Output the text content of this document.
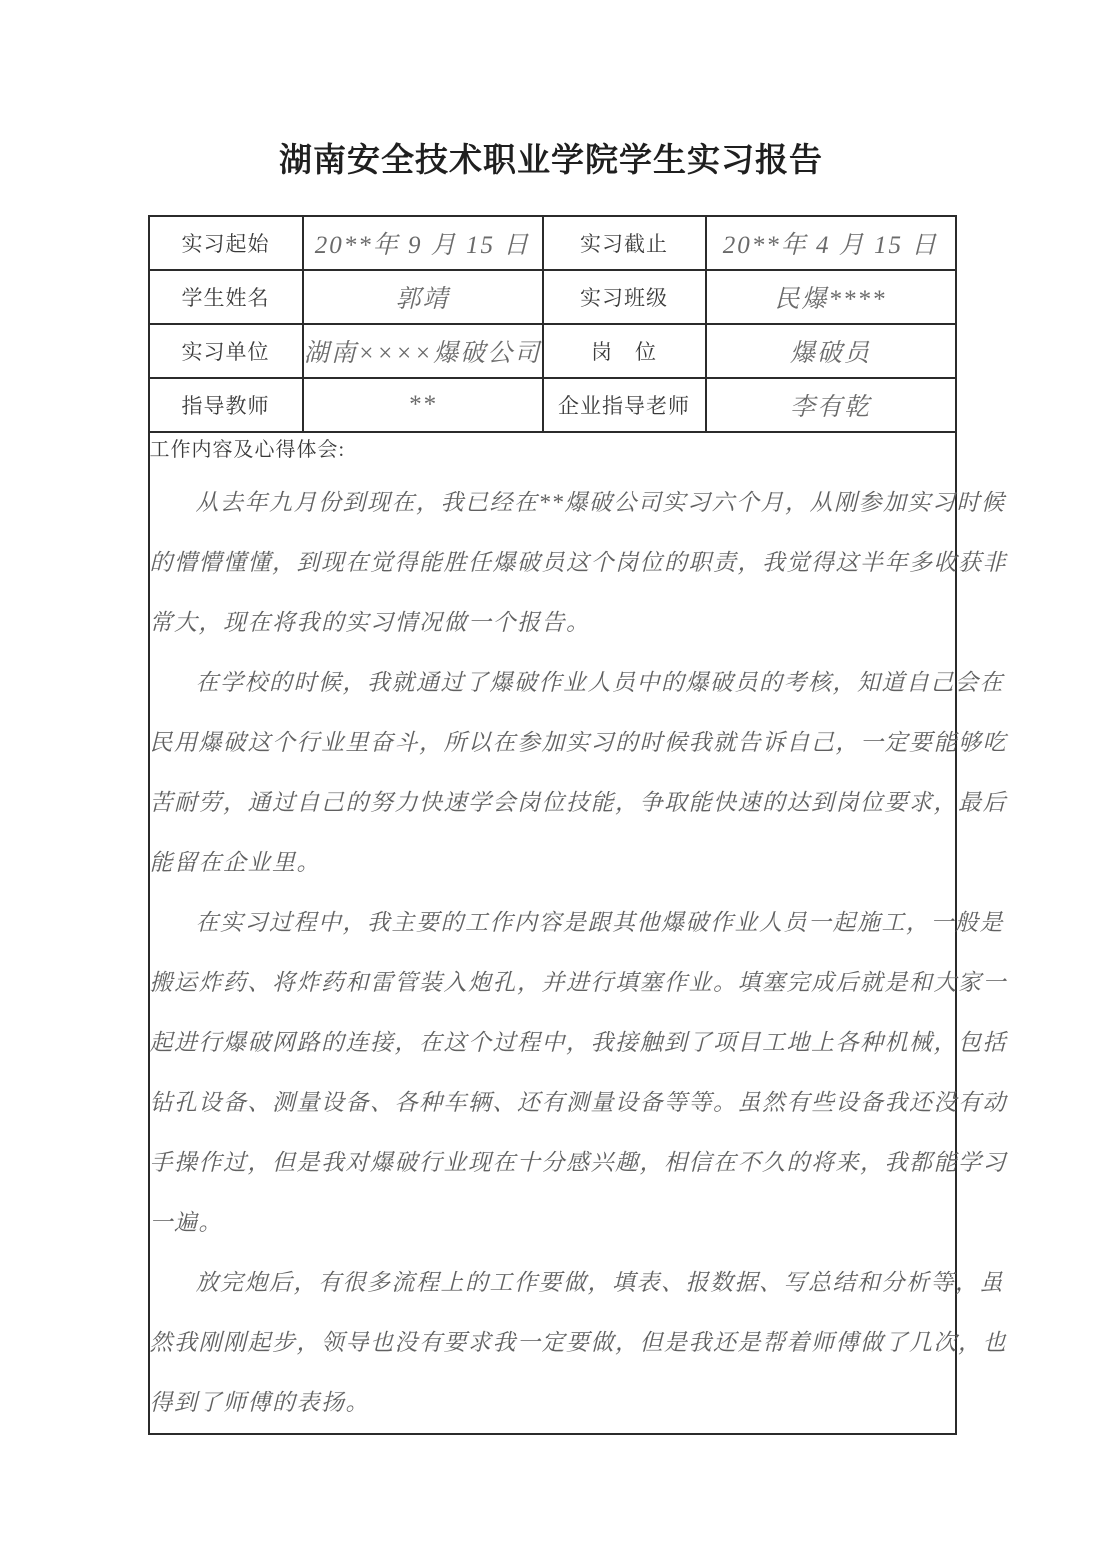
湖南安全技术职业学院学生实习报告
实习起始	20**年 9 月 15 日	实习截止	20**年 4 月 15 日
学生姓名	郭靖	实习班级	民爆****
实习单位	湖南××××爆破公司	岗　位	爆破员
指导教师	**	企业指导老师	李有乾

工作内容及心得体会:
从去年九月份到现在，我已经在**爆破公司实习六个月，从刚参加实习时候
的懵懵懂懂，到现在觉得能胜任爆破员这个岗位的职责，我觉得这半年多收获非
常大，现在将我的实习情况做一个报告。
在学校的时候，我就通过了爆破作业人员中的爆破员的考核，知道自己会在
民用爆破这个行业里奋斗，所以在参加实习的时候我就告诉自己，一定要能够吃
苦耐劳，通过自己的努力快速学会岗位技能，争取能快速的达到岗位要求，最后
能留在企业里。
在实习过程中，我主要的工作内容是跟其他爆破作业人员一起施工，一般是
搬运炸药、将炸药和雷管装入炮孔，并进行填塞作业。填塞完成后就是和大家一
起进行爆破网路的连接，在这个过程中，我接触到了项目工地上各种机械，包括
钻孔设备、测量设备、各种车辆、还有测量设备等等。虽然有些设备我还没有动
手操作过，但是我对爆破行业现在十分感兴趣，相信在不久的将来，我都能学习
一遍。
放完炮后，有很多流程上的工作要做，填表、报数据、写总结和分析等，虽
然我刚刚起步，领导也没有要求我一定要做，但是我还是帮着师傅做了几次，也
得到了师傅的表扬。
